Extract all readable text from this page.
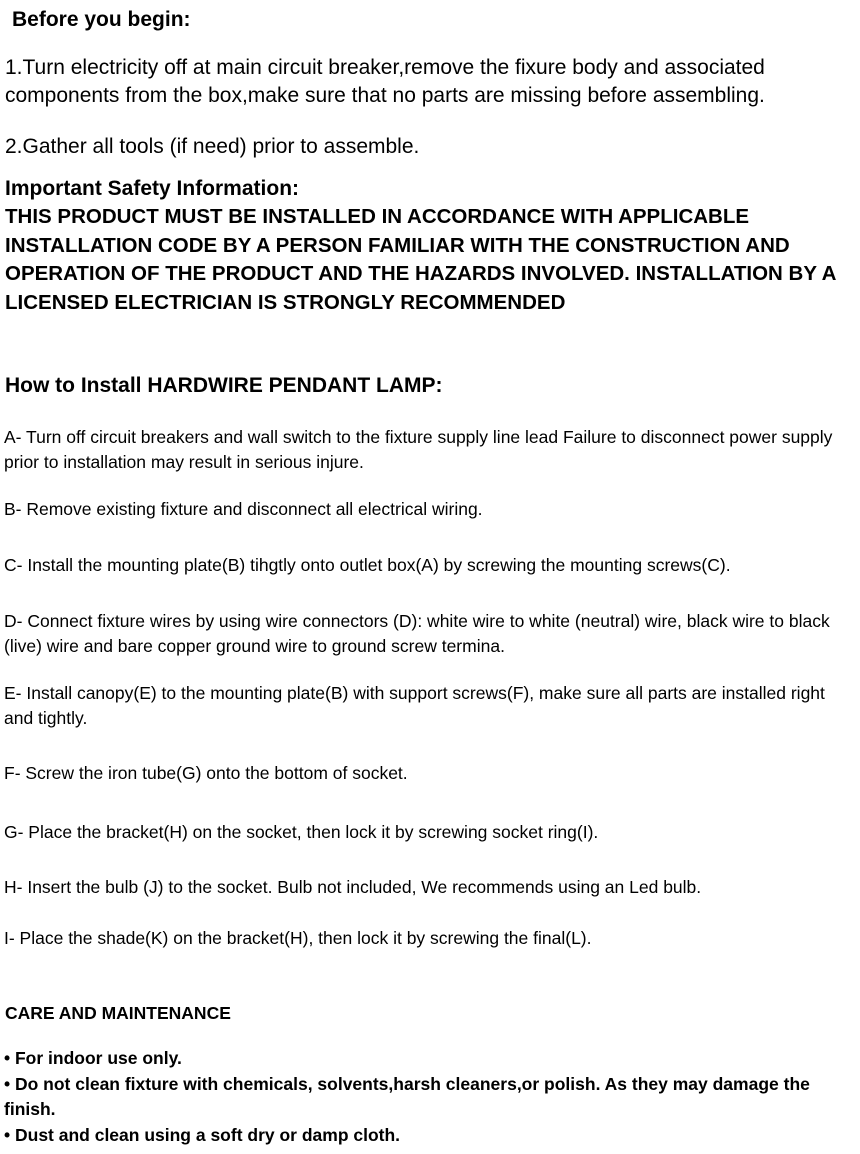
Before you begin:

1.Turn electricity off at main circuit breaker,remove the fixure body and associated components from the box,make sure that no parts are missing before assembling.

2.Gather all tools (if need) prior to assemble.

Important Safety Information:

THIS PRODUCT MUST BE INSTALLED IN ACCORDANCE WITH APPLICABLE INSTALLATION CODE BY A PERSON FAMILIAR WITH THE CONSTRUCTION AND OPERATION OF THE PRODUCT AND THE HAZARDS INVOLVED. INSTALLATION BY A LICENSED ELECTRICIAN IS STRONGLY RECOMMENDED

How to Install HARDWIRE PENDANT LAMP:

A- Turn off circuit breakers and wall switch to the fixture supply line lead Failure to disconnect power supply prior to installation may result in serious injure.

B- Remove existing fixture and disconnect all electrical wiring.

C- Install the mounting plate(B) tihgtly onto outlet box(A) by screwing the mounting screws(C).

D- Connect fixture wires by using wire connectors (D): white wire to white (neutral) wire, black wire to black (live) wire and bare copper ground wire to ground screw termina.

E- Install canopy(E) to the mounting plate(B) with support screws(F), make sure all parts are installed right and tightly.

F- Screw the iron tube(G) onto the bottom of socket.

G- Place the bracket(H) on the socket, then lock it by screwing socket ring(I).

H- Insert the bulb (J) to the socket. Bulb not included, We recommends using an Led bulb.

I- Place the shade(K) on the bracket(H), then lock it by screwing the final(L).

CARE AND MAINTENANCE
• For indoor use only.
• Do not clean fixture with chemicals, solvents,harsh cleaners,or polish. As they may damage the finish.
• Dust and clean using a soft dry or damp cloth.
